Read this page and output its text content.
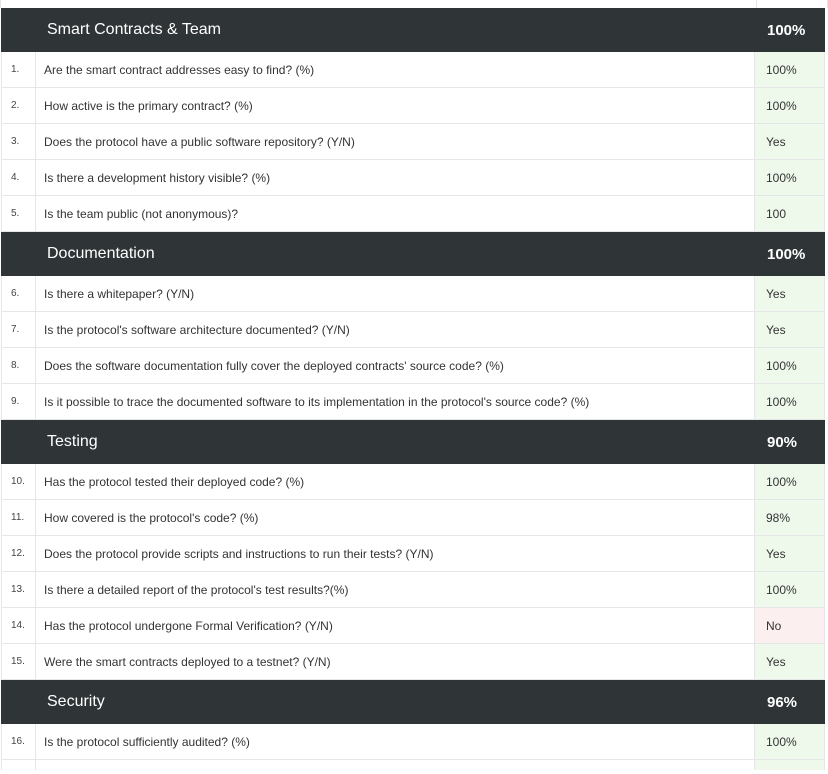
Smart Contracts & Team	100%
1.	Are the smart contract addresses easy to find? (%)	100%
2.	How active is the primary contract? (%)	100%
3.	Does the protocol have a public software repository? (Y/N)	Yes
4.	Is there a development history visible? (%)	100%
5.	Is the team public (not anonymous)?	100
Documentation	100%
6.	Is there a whitepaper? (Y/N)	Yes
7.	Is the protocol's software architecture documented? (Y/N)	Yes
8.	Does the software documentation fully cover the deployed contracts' source code? (%)	100%
9.	Is it possible to trace the documented software to its implementation in the protocol's source code? (%)	100%
Testing	90%
10.	Has the protocol tested their deployed code? (%)	100%
11.	How covered is the protocol's code? (%)	98%
12.	Does the protocol provide scripts and instructions to run their tests? (Y/N)	Yes
13.	Is there a detailed report of the protocol's test results?(%)	100%
14.	Has the protocol undergone Formal Verification? (Y/N)	No
15.	Were the smart contracts deployed to a testnet? (Y/N)	Yes
Security	96%
16.	Is the protocol sufficiently audited? (%)	100%
